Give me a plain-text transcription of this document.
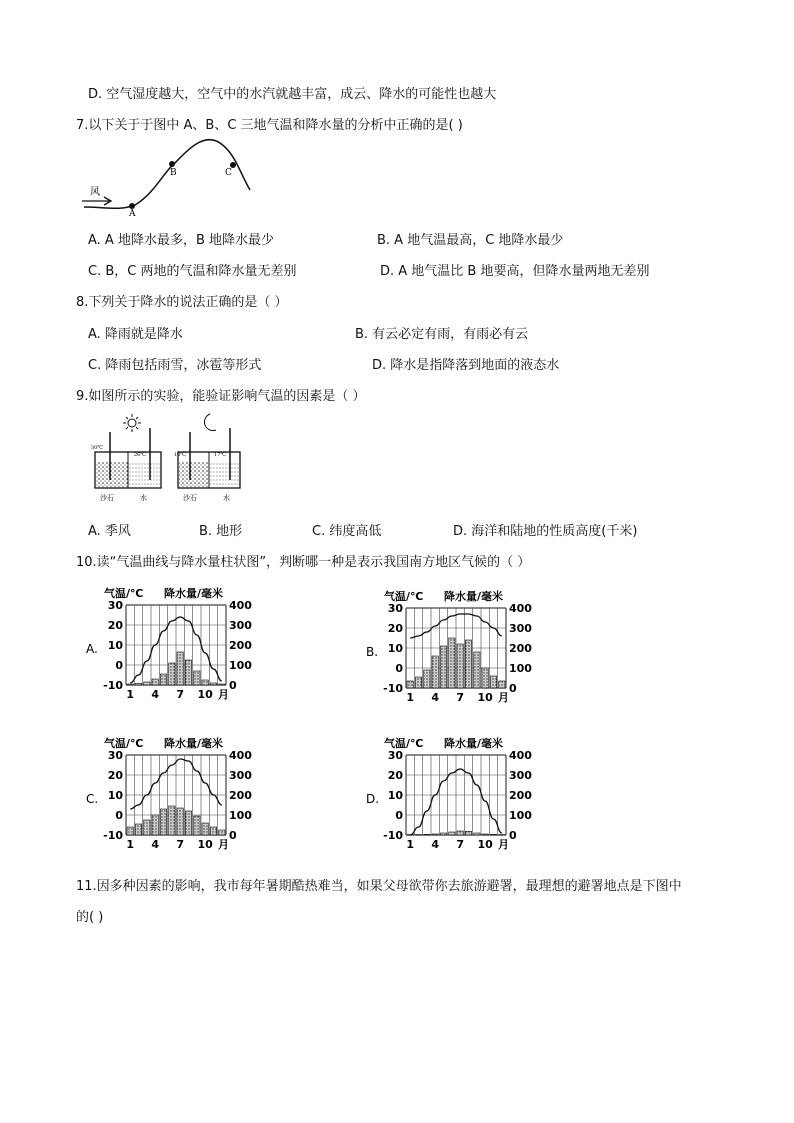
D. 空气湿度越大，空气中的水汽就越丰富，成云、降水的可能性也越大
7.以下关于于图中 A、B、C 三地气温和降水量的分析中正确的是( )
风
A
B	C
A. A 地降水最多，B 地降水最少	B. A 地气温最高，C 地降水最少
C. B，C 两地的气温和降水量无差别	D. A 地气温比 B 地要高，但降水量两地无差别
8.下列关于降水的说法正确的是（ ）
A. 降雨就是降水	B. 有云必定有雨，有雨必有云
C. 降雨包括雨雪，冰雹等形式	D. 降水是指降落到地面的液态水
9.如图所示的实验，能验证影响气温的因素是（ ）
30℃
26℃
沙石	水
13℃	17℃
沙石	水
A. 季风	B. 地形	C. 纬度高低	D. 海洋和陆地的性质高度(千米)
10.读“气温曲线与降水量柱状图”，判断哪一种是表示我国南方地区气候的（ ）
A.
气温/℃ 降水量/毫米
30
20
10
0
-10
400
300
200
100
0
1 4 7 10 月
B.
气温/℃ 降水量/毫米
30
20
10
0
-10
400
300
200
100
0
1 4 7 10 月
C.
气温/℃ 降水量/毫米
30
20
10
0
-10
400
300
200
100
0
1 4 7 10 月
D.
气温/℃ 降水量/毫米
30
20
10
0
-10
400
300
200
100
0
1 4 7 10 月
11.因多种因素的影响，我市每年暑期酷热难当，如果父母欲带你去旅游避署，最理想的避署地点是下图中
的( )
